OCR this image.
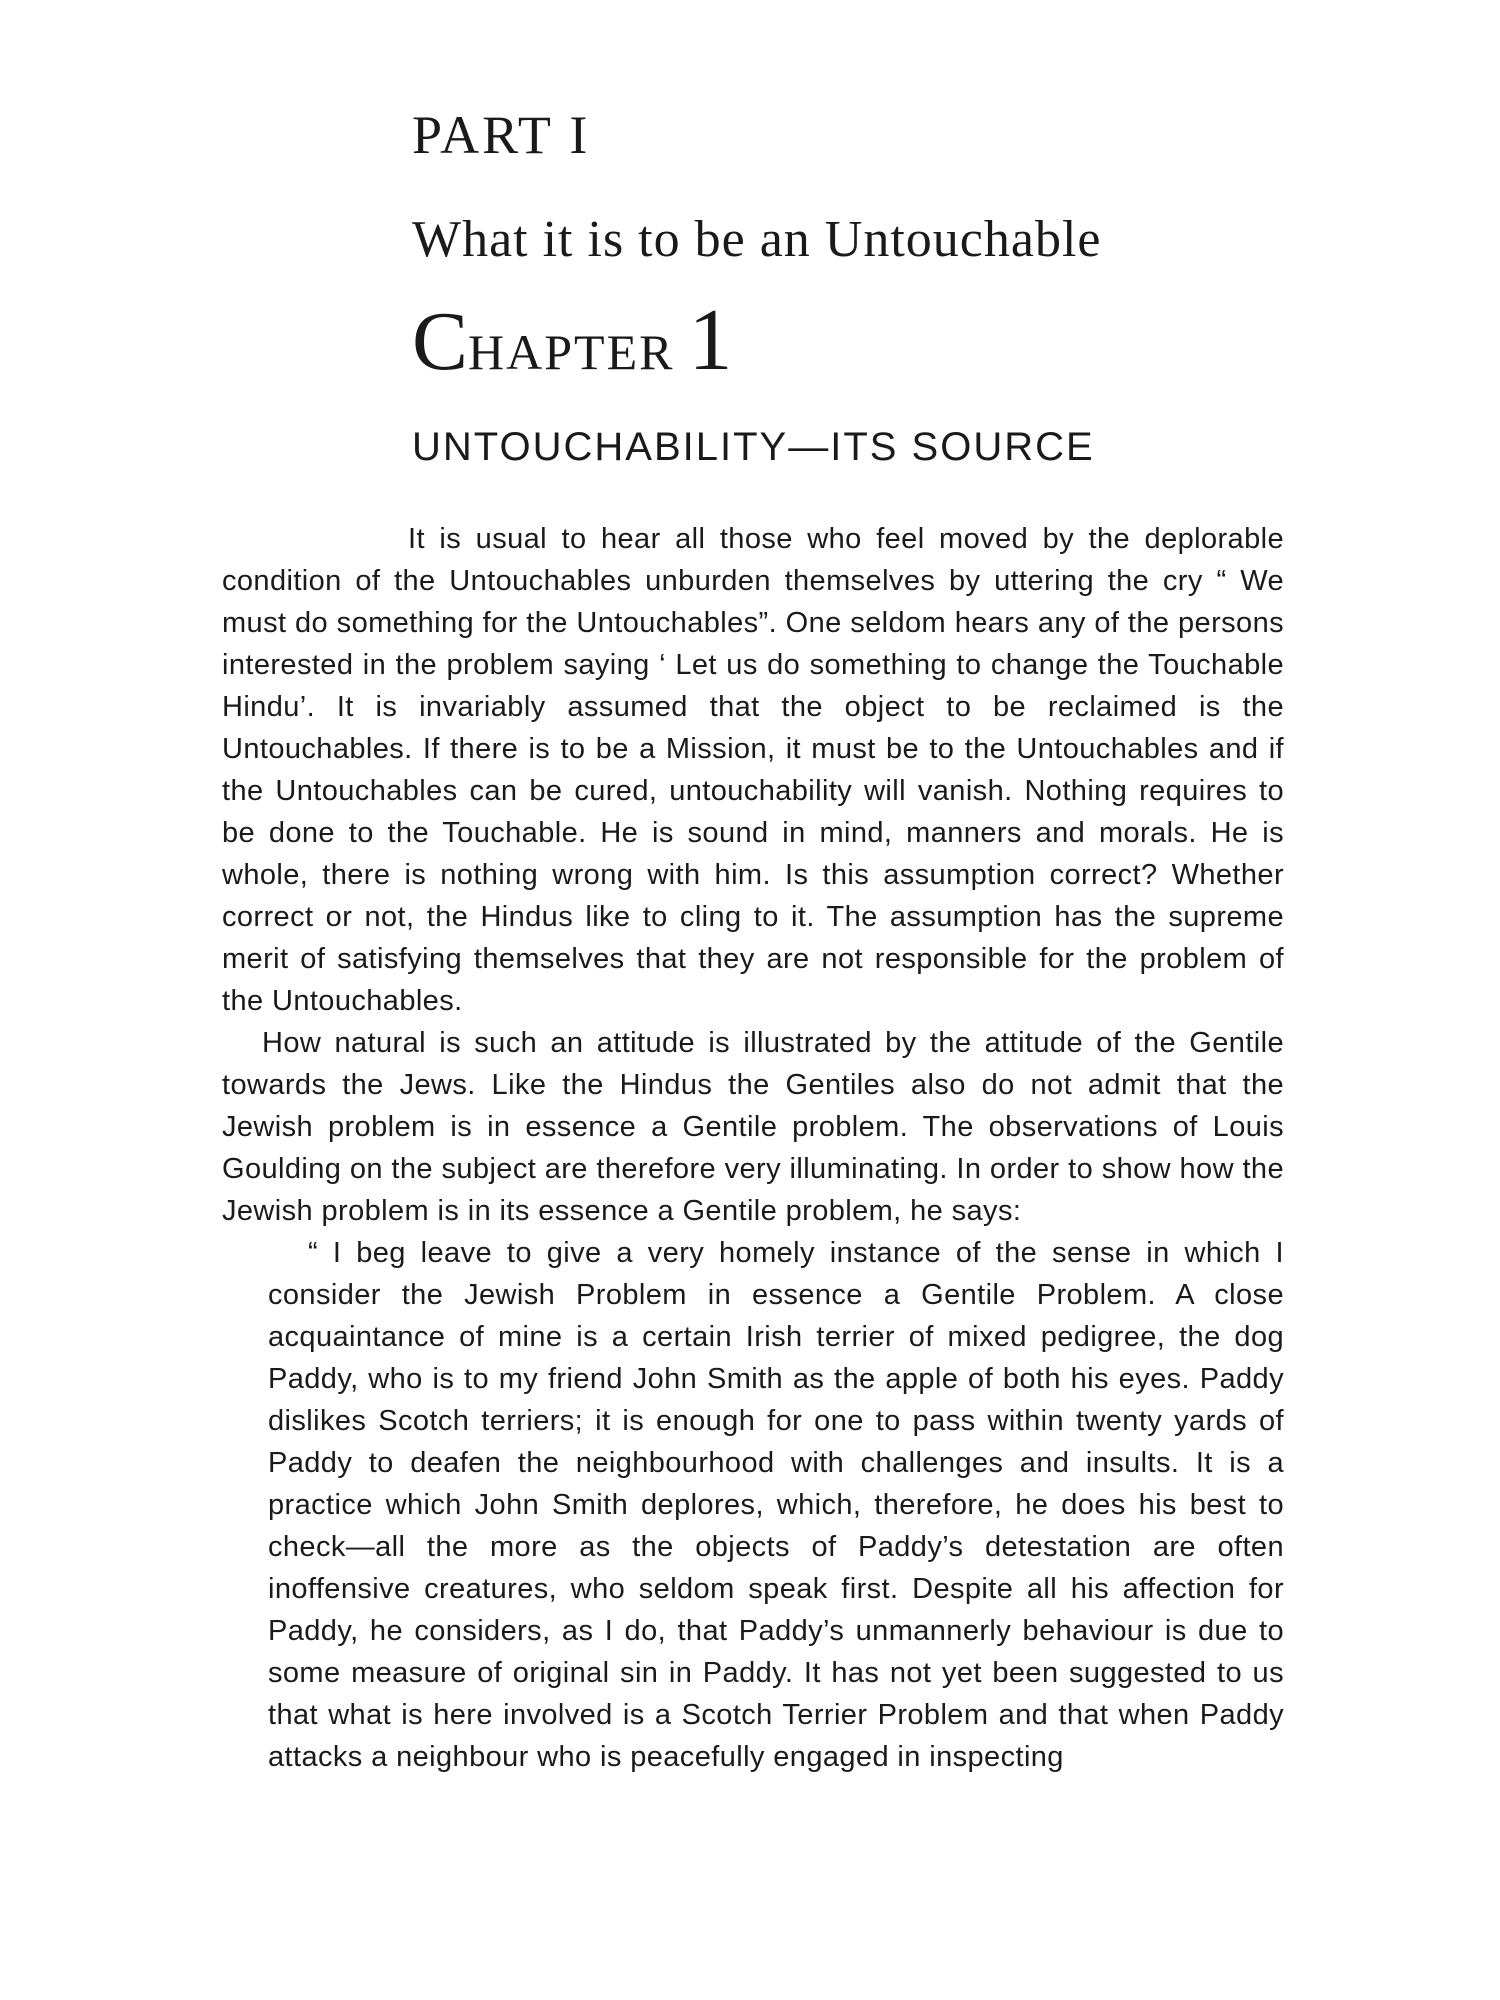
PART I
What it is to be an Untouchable
CHAPTER 1
UNTOUCHABILITY—ITS SOURCE

It is usual to hear all those who feel moved by the deplorable condition of the Untouchables unburden themselves by uttering the cry “ We must do something for the Untouchables”. One seldom hears any of the persons interested in the problem saying ‘ Let us do something to change the Touchable Hindu’. It is invariably assumed that the object to be reclaimed is the Untouchables. If there is to be a Mission, it must be to the Untouchables and if the Untouchables can be cured, untouchability will vanish. Nothing requires to be done to the Touchable. He is sound in mind, manners and morals. He is whole, there is nothing wrong with him. Is this assumption correct? Whether correct or not, the Hindus like to cling to it. The assumption has the supreme merit of satisfying themselves that they are not responsible for the problem of the Untouchables.

How natural is such an attitude is illustrated by the attitude of the Gentile towards the Jews. Like the Hindus the Gentiles also do not admit that the Jewish problem is in essence a Gentile problem. The observations of Louis Goulding on the subject are therefore very illuminating. In order to show how the Jewish problem is in its essence a Gentile problem, he says:

“ I beg leave to give a very homely instance of the sense in which I consider the Jewish Problem in essence a Gentile Problem. A close acquaintance of mine is a certain Irish terrier of mixed pedigree, the dog Paddy, who is to my friend John Smith as the apple of both his eyes. Paddy dislikes Scotch terriers; it is enough for one to pass within twenty yards of Paddy to deafen the neighbourhood with challenges and insults. It is a practice which John Smith deplores, which, therefore, he does his best to check—all the more as the objects of Paddy’s detestation are often inoffensive creatures, who seldom speak first. Despite all his affection for Paddy, he considers, as I do, that Paddy’s unmannerly behaviour is due to some measure of original sin in Paddy. It has not yet been suggested to us that what is here involved is a Scotch Terrier Problem and that when Paddy attacks a neighbour who is peacefully engaged in inspecting
